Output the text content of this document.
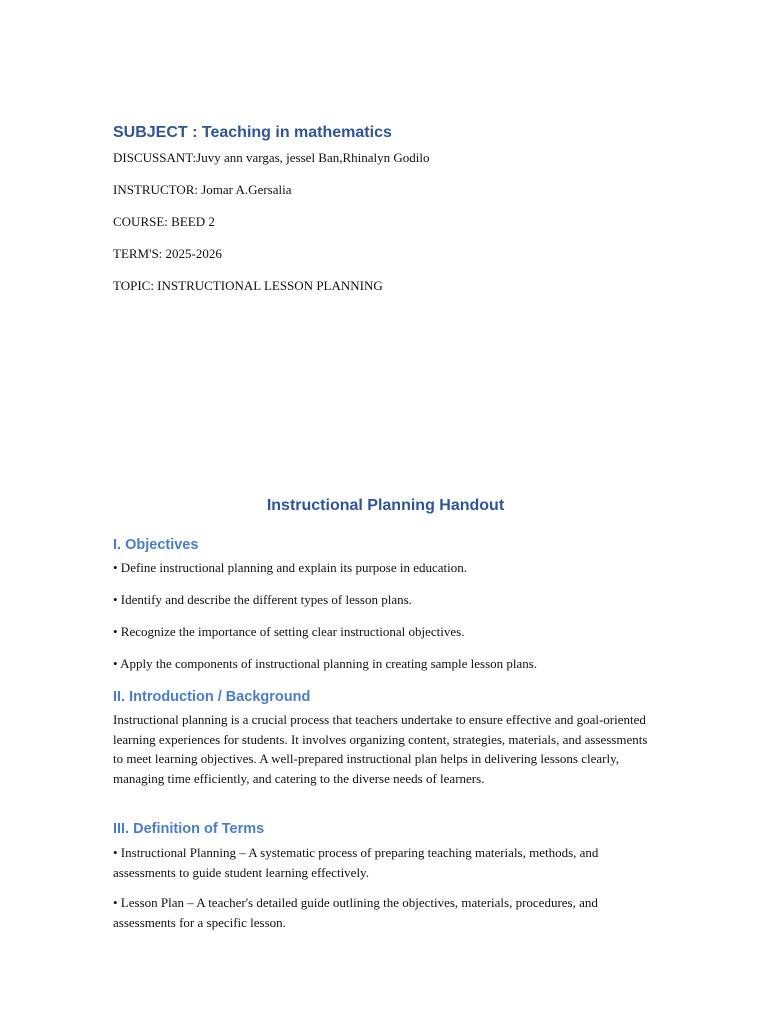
SUBJECT : Teaching in mathematics

DISCUSSANT:Juvy ann vargas, jessel Ban,Rhinalyn Godilo

INSTRUCTOR: Jomar A.Gersalia

COURSE: BEED 2

TERM'S: 2025-2026

TOPIC: INSTRUCTIONAL LESSON PLANNING

Instructional Planning Handout
I. Objectives

• Define instructional planning and explain its purpose in education.

• Identify and describe the different types of lesson plans.

• Recognize the importance of setting clear instructional objectives.

• Apply the components of instructional planning in creating sample lesson plans.

II. Introduction / Background

Instructional planning is a crucial process that teachers undertake to ensure effective and goal-oriented learning experiences for students. It involves organizing content, strategies, materials, and assessments to meet learning objectives. A well-prepared instructional plan helps in delivering lessons clearly, managing time efficiently, and catering to the diverse needs of learners.

III. Definition of Terms

• Instructional Planning – A systematic process of preparing teaching materials, methods, and assessments to guide student learning effectively.

• Lesson Plan – A teacher's detailed guide outlining the objectives, materials, procedures, and assessments for a specific lesson.
